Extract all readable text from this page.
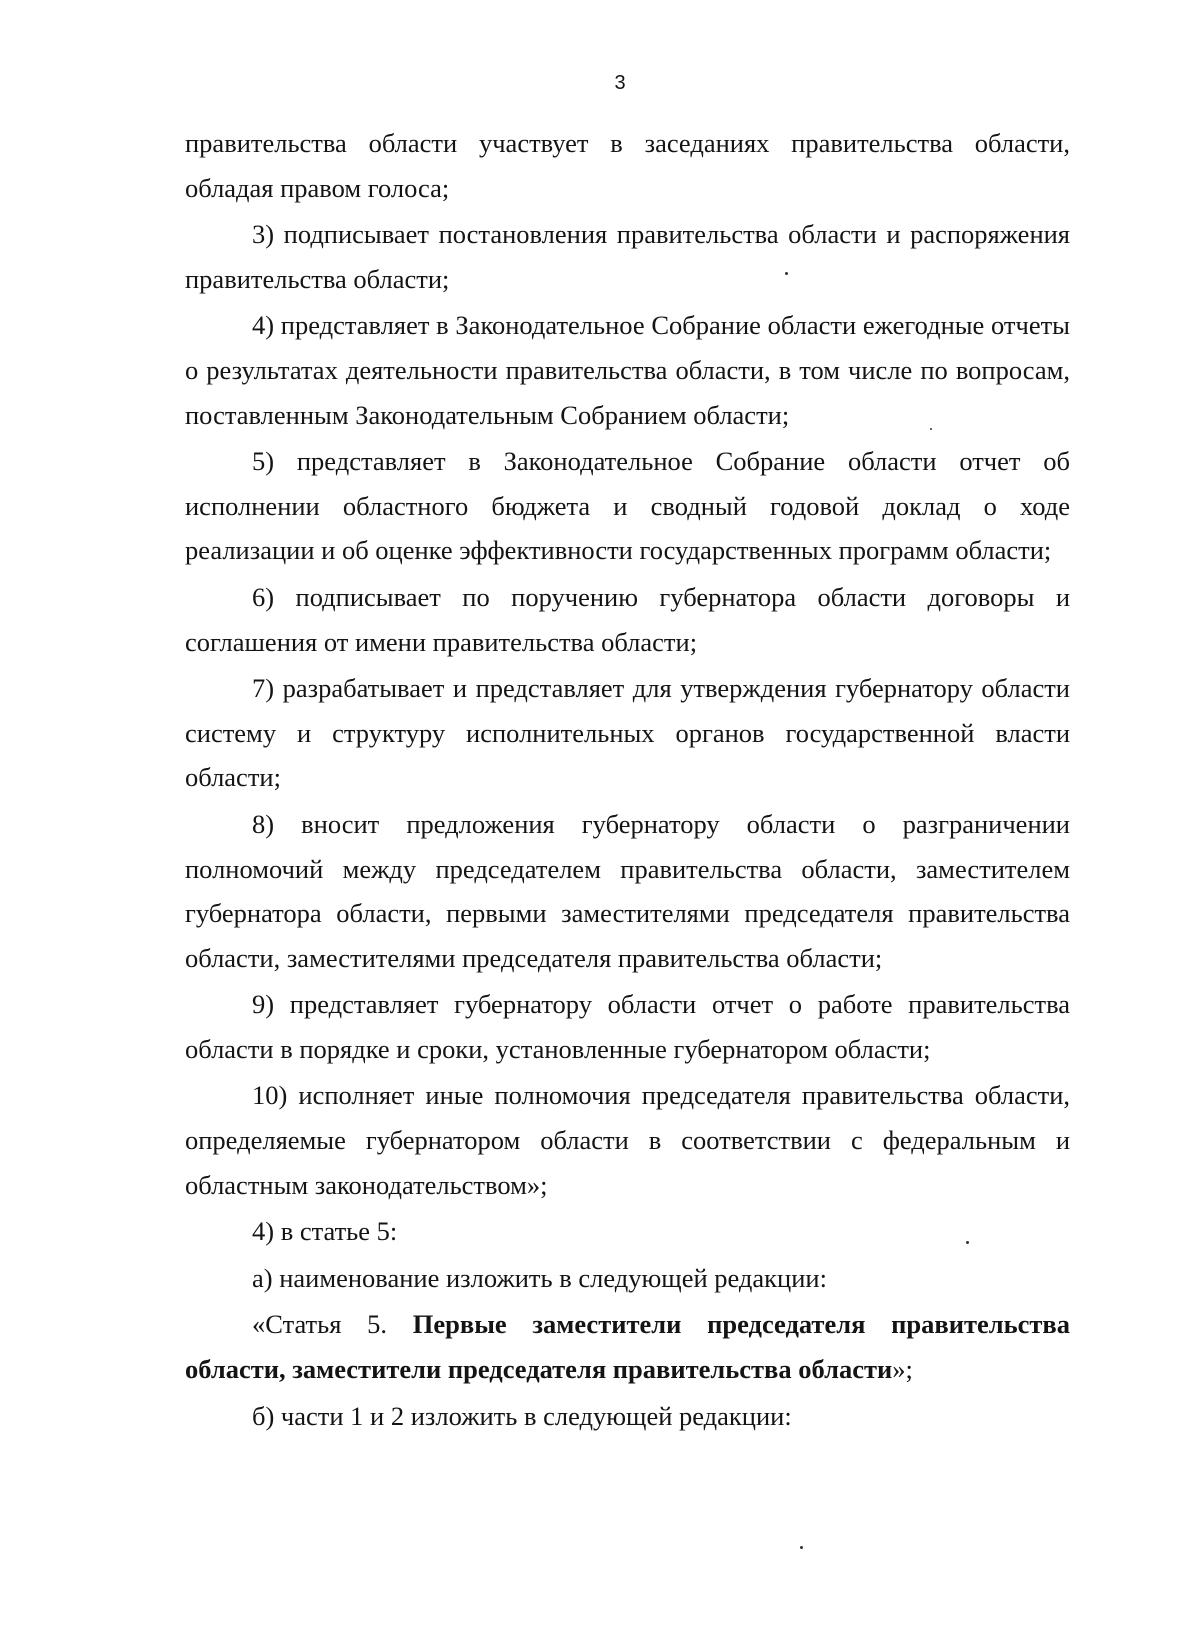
3

правительства области участвует в заседаниях правительства области, обладая правом голоса;

3) подписывает постановления правительства области и распоряжения правительства области;

4) представляет в Законодательное Собрание области ежегодные отчеты о результатах деятельности правительства области, в том числе по вопросам, поставленным Законодательным Собранием области;

5) представляет в Законодательное Собрание области отчет об исполнении областного бюджета и сводный годовой доклад о ходе реализации и об оценке эффективности государственных программ области;

6) подписывает по поручению губернатора области договоры и соглашения от имени правительства области;

7) разрабатывает и представляет для утверждения губернатору области систему и структуру исполнительных органов государственной власти области;

8) вносит предложения губернатору области о разграничении полномочий между председателем правительства области, заместителем губернатора области, первыми заместителями председателя правительства области, заместителями председателя правительства области;

9) представляет губернатору области отчет о работе правительства области в порядке и сроки, установленные губернатором области;

10) исполняет иные полномочия председателя правительства области, определяемые губернатором области в соответствии с федеральным и областным законодательством»;

4) в статье 5:

а) наименование изложить в следующей редакции:

«Статья 5. Первые заместители председателя правительства области, заместители председателя правительства области»;

б) части 1 и 2 изложить в следующей редакции:
